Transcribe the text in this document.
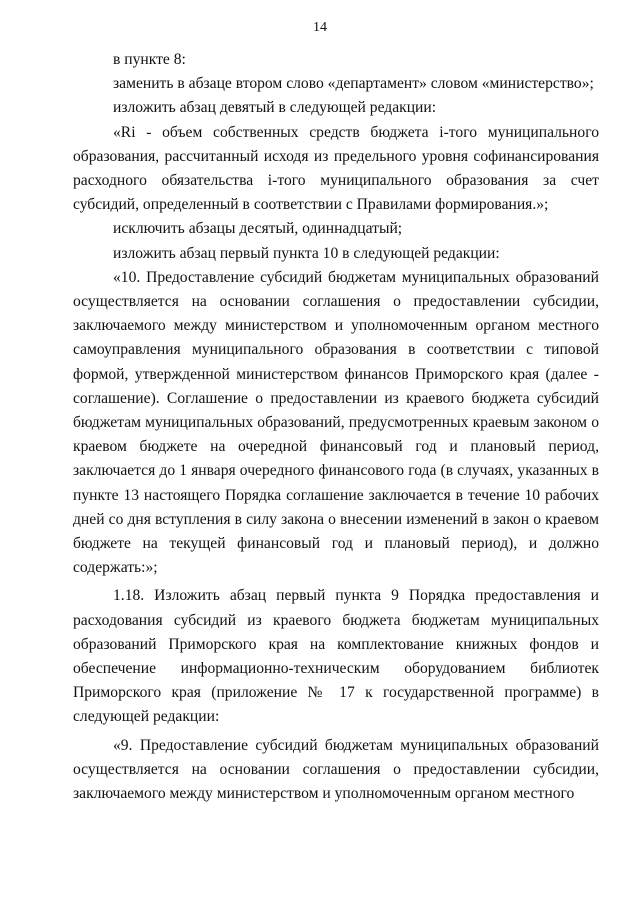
14

в пункте 8:

заменить в абзаце втором слово «департамент» словом «министерство»;

изложить абзац девятый в следующей редакции:

«Ri - объем собственных средств бюджета i-того муниципального образования, рассчитанный исходя из предельного уровня софинансирования расходного обязательства i-того муниципального образования за счет субсидий, определенный в соответствии с Правилами формирования.»;

исключить абзацы десятый, одиннадцатый;

изложить абзац первый пункта 10 в следующей редакции:

«10. Предоставление субсидий бюджетам муниципальных образований осуществляется на основании соглашения о предоставлении субсидии, заключаемого между министерством и уполномоченным органом местного самоуправления муниципального образования в соответствии с типовой формой, утвержденной министерством финансов Приморского края (далее - соглашение). Соглашение о предоставлении из краевого бюджета субсидий бюджетам муниципальных образований, предусмотренных краевым законом о краевом бюджете на очередной финансовый год и плановый период, заключается до 1 января очередного финансового года (в случаях, указанных в пункте 13 настоящего Порядка соглашение заключается в течение 10 рабочих дней со дня вступления в силу закона о внесении изменений в закон о краевом бюджете на текущей финансовый год и плановый период), и должно содержать:»;

1.18. Изложить абзац первый пункта 9 Порядка предоставления и расходования субсидий из краевого бюджета бюджетам муниципальных образований Приморского края на комплектование книжных фондов и обеспечение информационно-техническим оборудованием библиотек Приморского края (приложение № 17 к государственной программе) в следующей редакции:

«9. Предоставление субсидий бюджетам муниципальных образований осуществляется на основании соглашения о предоставлении субсидии, заключаемого между министерством и уполномоченным органом местного
